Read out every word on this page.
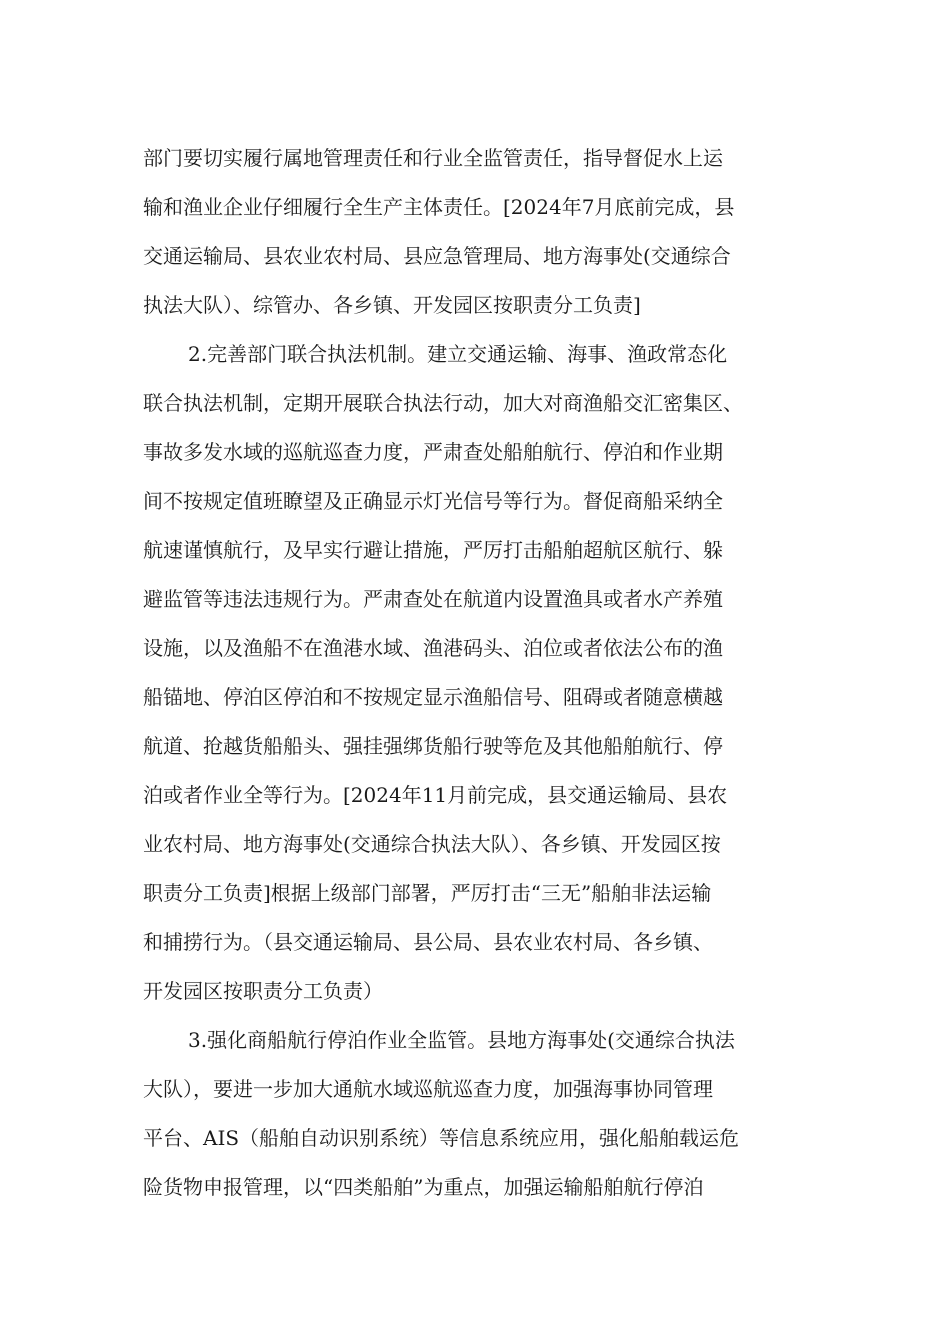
部门要切实履行属地管理责任和行业全监管责任，指导督促水上运
输和渔业企业仔细履行全生产主体责任。[2024年7月底前完成，县
交通运输局、县农业农村局、县应急管理局、地方海事处(交通综合
执法大队）、综管办、各乡镇、开发园区按职责分工负责]
2.完善部门联合执法机制。建立交通运输、海事、渔政常态化
联合执法机制，定期开展联合执法行动，加大对商渔船交汇密集区、
事故多发水域的巡航巡查力度，严肃查处船舶航行、停泊和作业期
间不按规定值班瞭望及正确显示灯光信号等行为。督促商船采纳全
航速谨慎航行，及早实行避让措施，严厉打击船舶超航区航行、躲
避监管等违法违规行为。严肃查处在航道内设置渔具或者水产养殖
设施，以及渔船不在渔港水域、渔港码头、泊位或者依法公布的渔
船锚地、停泊区停泊和不按规定显示渔船信号、阻碍或者随意横越
航道、抢越货船船头、强挂强绑货船行驶等危及其他船舶航行、停
泊或者作业全等行为。[2024年11月前完成，县交通运输局、县农
业农村局、地方海事处(交通综合执法大队）、各乡镇、开发园区按
职责分工负责]根据上级部门部署，严厉打击“三无”船舶非法运输
和捕捞行为。（县交通运输局、县公局、县农业农村局、各乡镇、
开发园区按职责分工负责）
3.强化商船航行停泊作业全监管。县地方海事处(交通综合执法
大队），要进一步加大通航水域巡航巡查力度，加强海事协同管理
平台、AIS（船舶自动识别系统）等信息系统应用，强化船舶载运危
险货物申报管理，以“四类船舶”为重点，加强运输船舶航行停泊
